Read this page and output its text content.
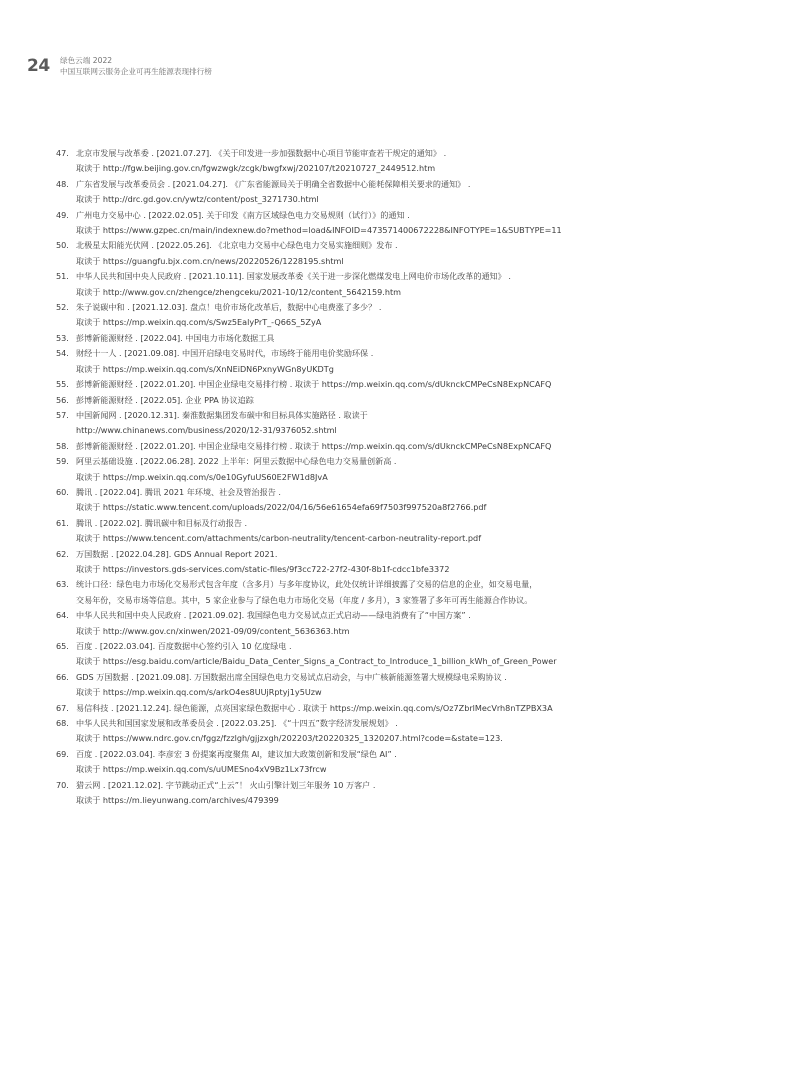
24 绿色云端 2022
中国互联网云服务企业可再生能源表现排行榜
47. 北京市发展与改革委 . [2021.07.27]. 《关于印发进一步加强数据中心项目节能审查若干规定的通知》 .
取读于 http://fgw.beijing.gov.cn/fgwzwgk/zcgk/bwgfxwj/202107/t20210727_2449512.htm
48. 广东省发展与改革委员会 . [2021.04.27]. 《广东省能源局关于明确全省数据中心能耗保障相关要求的通知》 .
取读于 http://drc.gd.gov.cn/ywtz/content/post_3271730.html
49. 广州电力交易中心 . [2022.02.05]. 关于印发《南方区域绿色电力交易规则（试行）》的通知 .
取读于 https://www.gzpec.cn/main/indexnew.do?method=load&INFOID=473571400672228&INFOTYPE=1&SUBTYPE=11
50. 北极星太阳能光伏网 . [2022.05.26]. 《北京电力交易中心绿色电力交易实施细则》发布 .
取读于 https://guangfu.bjx.com.cn/news/20220526/1228195.shtml
51. 中华人民共和国中央人民政府 . [2021.10.11]. 国家发展改革委《关于进一步深化燃煤发电上网电价市场化改革的通知》 .
取读于 http://www.gov.cn/zhengce/zhengceku/2021-10/12/content_5642159.htm
52. 朱子说碳中和 . [2021.12.03]. 盘点！电价市场化改革后，数据中心电费涨了多少？ .
取读于 https://mp.weixin.qq.com/s/Swz5EalyPrT_-Q66S_5ZyA
53. 彭博新能源财经 . [2022.04]. 中国电力市场化数据工具
54. 财经十一人 . [2021.09.08]. 中国开启绿电交易时代，市场终于能用电价奖励环保 .
取读于 https://mp.weixin.qq.com/s/XnNEiDN6PxnyWGn8yUKDTg
55. 彭博新能源财经 . [2022.01.20]. 中国企业绿电交易排行榜 . 取读于 https://mp.weixin.qq.com/s/dUknckCMPeCsN8ExpNCAFQ
56. 彭博新能源财经 . [2022.05]. 企业 PPA 协议追踪
57. 中国新闻网 . [2020.12.31]. 秦淮数据集团发布碳中和目标具体实施路径 . 取读于
http://www.chinanews.com/business/2020/12-31/9376052.shtml
58. 彭博新能源财经 . [2022.01.20]. 中国企业绿电交易排行榜 . 取读于 https://mp.weixin.qq.com/s/dUknckCMPeCsN8ExpNCAFQ
59. 阿里云基础设施 . [2022.06.28]. 2022 上半年：阿里云数据中心绿色电力交易量创新高 .
取读于 https://mp.weixin.qq.com/s/0e10GyfuUS60E2FW1d8JvA
60. 腾讯 . [2022.04]. 腾讯 2021 年环境、社会及管治报告 .
取读于 https://static.www.tencent.com/uploads/2022/04/16/56e61654efa69f7503f997520a8f2766.pdf
61. 腾讯 . [2022.02]. 腾讯碳中和目标及行动报告 .
取读于 https://www.tencent.com/attachments/carbon-neutrality/tencent-carbon-neutrality-report.pdf
62. 万国数据 . [2022.04.28]. GDS Annual Report 2021.
取读于 https://investors.gds-services.com/static-files/9f3cc722-27f2-430f-8b1f-cdcc1bfe3372
63. 统计口径：绿色电力市场化交易形式包含年度（含多月）与多年度协议，此处仅统计详细披露了交易的信息的企业，如交易电量，
交易年份，交易市场等信息。其中，5 家企业参与了绿色电力市场化交易（年度 / 多月），3 家签署了多年可再生能源合作协议。
64. 中华人民共和国中央人民政府 . [2021.09.02]. 我国绿色电力交易试点正式启动——绿电消费有了“中国方案” .
取读于 http://www.gov.cn/xinwen/2021-09/09/content_5636363.htm
65. 百度 . [2022.03.04]. 百度数据中心签约引入 10 亿度绿电 .
取读于 https://esg.baidu.com/article/Baidu_Data_Center_Signs_a_Contract_to_Introduce_1_billion_kWh_of_Green_Power
66. GDS 万国数据 . [2021.09.08]. 万国数据出席全国绿色电力交易试点启动会，与中广核新能源签署大规模绿电采购协议 .
取读于 https://mp.weixin.qq.com/s/arkO4es8UUjRptyj1y5Uzw
67. 易信科技 . [2021.12.24]. 绿色能源，点亮国家绿色数据中心 . 取读于 https://mp.weixin.qq.com/s/Oz7ZbrlMecVrh8nTZPBX3A
68. 中华人民共和国国家发展和改革委员会 . [2022.03.25]. 《“十四五”数字经济发展规划》 .
取读于 https://www.ndrc.gov.cn/fggz/fzzlgh/gjjzxgh/202203/t20220325_1320207.html?code=&state=123.
69. 百度 . [2022.03.04]. 李彦宏 3 份提案再度聚焦 AI，建议加大政策创新和发展“绿色 AI” .
取读于 https://mp.weixin.qq.com/s/uUMESno4xV9Bz1Lx73frcw
70. 猎云网 . [2021.12.02]. 字节跳动正式“上云”！ 火山引擎计划三年服务 10 万客户 .
取读于 https://m.lieyunwang.com/archives/479399
